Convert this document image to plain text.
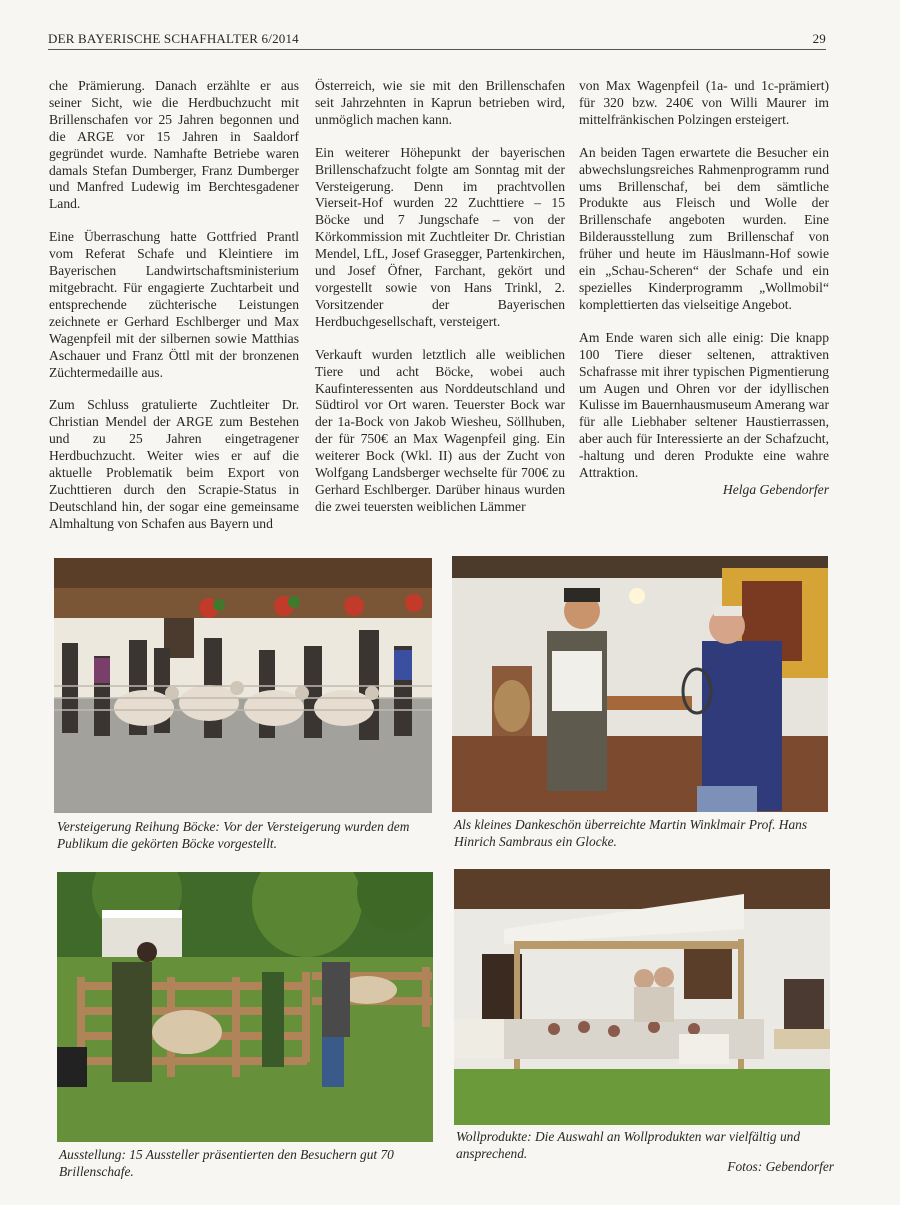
DER BAYERISCHE SCHAFHALTER 6/2014	29

che Prämierung. Danach erzählte er aus seiner Sicht, wie die Herdbuchzucht mit Brillenschafen vor 25 Jahren begonnen und die ARGE vor 15 Jahren in Saaldorf gegründet wurde. Namhafte Betriebe waren damals Stefan Dumberger, Franz Dumberger und Manfred Ludewig im Berchtesgadener Land.

Eine Überraschung hatte Gottfried Prantl vom Referat Schafe und Kleintiere im Bayerischen Landwirtschaftsministerium mitgebracht. Für engagierte Zuchtarbeit und entsprechende züchterische Leistungen zeichnete er Gerhard Eschlberger und Max Wagenpfeil mit der silbernen sowie Matthias Aschauer und Franz Öttl mit der bronzenen Züchtermedaille aus.

Zum Schluss gratulierte Zuchtleiter Dr. Christian Mendel der ARGE zum Bestehen und zu 25 Jahren eingetragener Herdbuchzucht. Weiter wies er auf die aktuelle Problematik beim Export von Zuchttieren durch den Scrapie-Status in Deutschland hin, der sogar eine gemeinsame Almhaltung von Schafen aus Bayern und

Österreich, wie sie mit den Brillenschafen seit Jahrzehnten in Kaprun betrieben wird, unmöglich machen kann.

Ein weiterer Höhepunkt der bayerischen Brillenschafzucht folgte am Sonntag mit der Versteigerung. Denn im prachtvollen Vierseit-Hof wurden 22 Zuchttiere – 15 Böcke und 7 Jungschafe – von der Körkommission mit Zuchtleiter Dr. Christian Mendel, LfL, Josef Grasegger, Partenkirchen, und Josef Öfner, Farchant, gekört und vorgestellt sowie von Hans Trinkl, 2. Vorsitzender der Bayerischen Herdbuchgesellschaft, versteigert.

Verkauft wurden letztlich alle weiblichen Tiere und acht Böcke, wobei auch Kaufinteressenten aus Norddeutschland und Südtirol vor Ort waren. Teuerster Bock war der 1a-Bock von Jakob Wiesheu, Söllhuben, der für 750€ an Max Wagenpfeil ging. Ein weiterer Bock (Wkl. II) aus der Zucht von Wolfgang Landsberger wechselte für 700€ zu Gerhard Eschlberger. Darüber hinaus wurden die zwei teuersten weiblichen Lämmer

von Max Wagenpfeil (1a- und 1c-prämiert) für 320 bzw. 240€ von Willi Maurer im mittelfränkischen Polzingen ersteigert.

An beiden Tagen erwartete die Besucher ein abwechslungsreiches Rahmenprogramm rund ums Brillenschaf, bei dem sämtliche Produkte aus Fleisch und Wolle der Brillenschafe angeboten wurden. Eine Bilderausstellung zum Brillenschaf von früher und heute im Häuslmann-Hof sowie ein „Schau-Scheren“ der Schafe und ein spezielles Kinderprogramm „Wollmobil“ komplettierten das vielseitige Angebot.

Am Ende waren sich alle einig: Die knapp 100 Tiere dieser seltenen, attraktiven Schafrasse mit ihrer typischen Pigmentierung um Augen und Ohren vor der idyllischen Kulisse im Bauernhausmuseum Amerang war für alle Liebhaber seltener Haustierrassen, aber auch für Interessierte an der Schafzucht, -haltung und deren Produkte eine wahre Attraktion.

Helga Gebendorfer

Versteigerung Reihung Böcke: Vor der Versteigerung wurden dem Publikum die gekörten Böcke vorgestellt.
Als kleines Dankeschön überreichte Martin Winklmair Prof. Hans Hinrich Sambraus ein Glocke.
Ausstellung: 15 Aussteller präsentierten den Besuchern gut 70 Brillenschafe.
Wollprodukte: Die Auswahl an Wollprodukten war vielfältig und ansprechend.
Fotos: Gebendorfer
